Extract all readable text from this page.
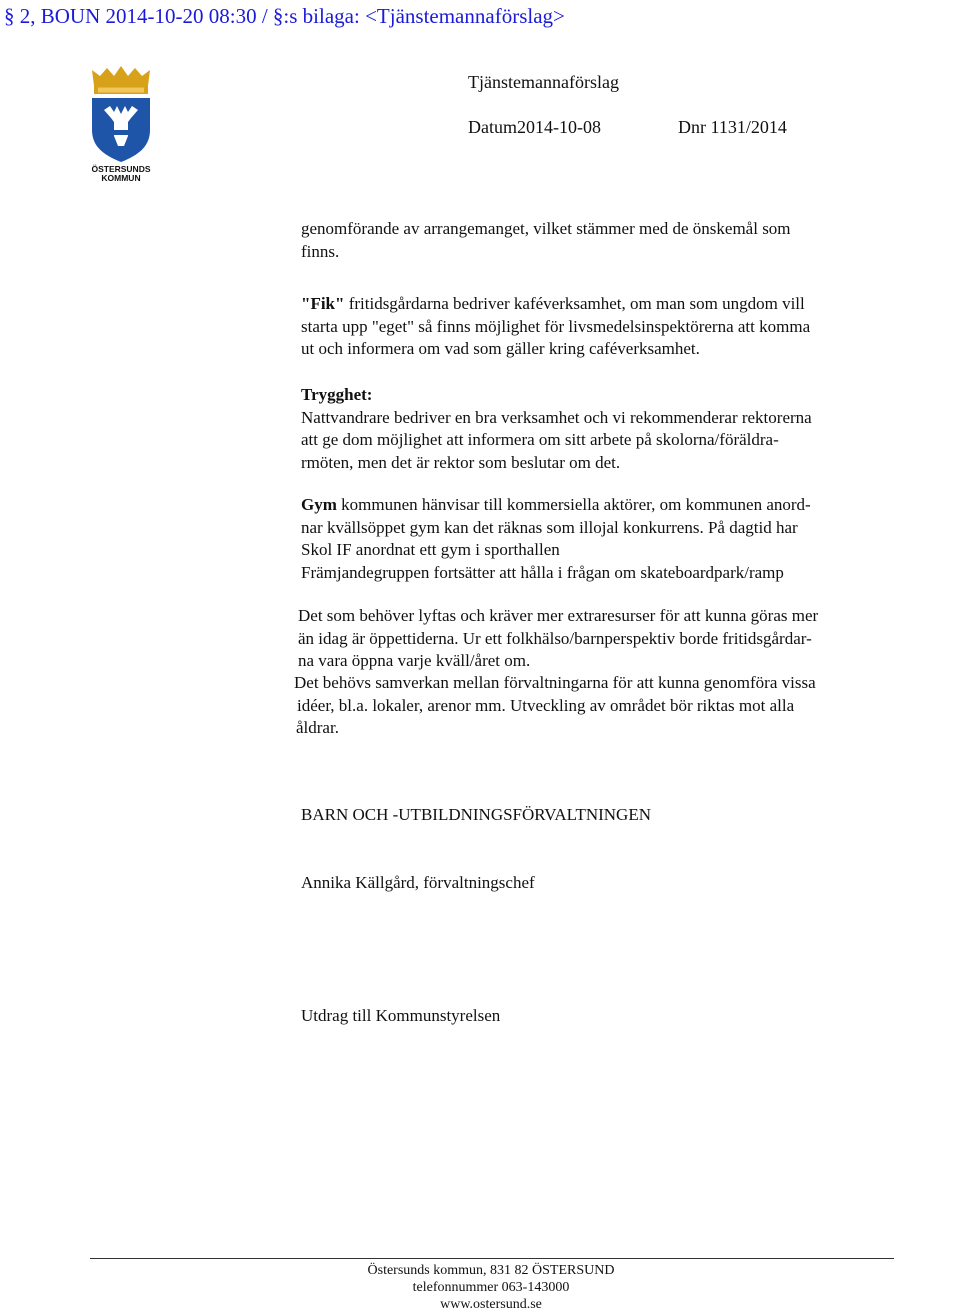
§ 2, BOUN 2014-10-20 08:30 / §:s bilaga: <Tjänstemannaförslag>
ÖSTERSUNDS
KOMMUN
Tjänstemannaförslag
Datum2014-10-08	Dnr 1131/2014

genomförande av arrangemanget, vilket stämmer med de önskemål som

finns.

"Fik" fritidsgårdarna bedriver kaféverksamhet, om man som ungdom vill

starta upp "eget" så finns möjlighet för livsmedelsinspektörerna att komma

ut och informera om vad som gäller kring caféverksamhet.

Trygghet:

Nattvandrare bedriver en bra verksamhet och vi rekommenderar rektorerna

att ge dom möjlighet att informera om sitt arbete på skolorna/föräldra-

rmöten, men det är rektor som beslutar om det.

Gym kommunen hänvisar till kommersiella aktörer, om kommunen anord-

nar kvällsöppet gym kan det räknas som illojal konkurrens. På dagtid har

Skol IF anordnat ett gym i sporthallen

Främjandegruppen fortsätter att hålla i frågan om skateboardpark/ramp

Det som behöver lyftas och kräver mer extraresurser för att kunna göras mer

än idag är öppettiderna. Ur ett folkhälso/barnperspektiv borde fritidsgårdar-

na vara öppna varje kväll/året om.

Det behövs samverkan mellan förvaltningarna för att kunna genomföra vissa

idéer, bl.a. lokaler, arenor mm. Utveckling av området bör riktas mot alla

åldrar.

BARN OCH -UTBILDNINGSFÖRVALTNINGEN
Annika Källgård, förvaltningschef
Utdrag till Kommunstyrelsen
Östersunds kommun, 831 82 ÖSTERSUND
telefonnummer 063-143000
www.ostersund.se
